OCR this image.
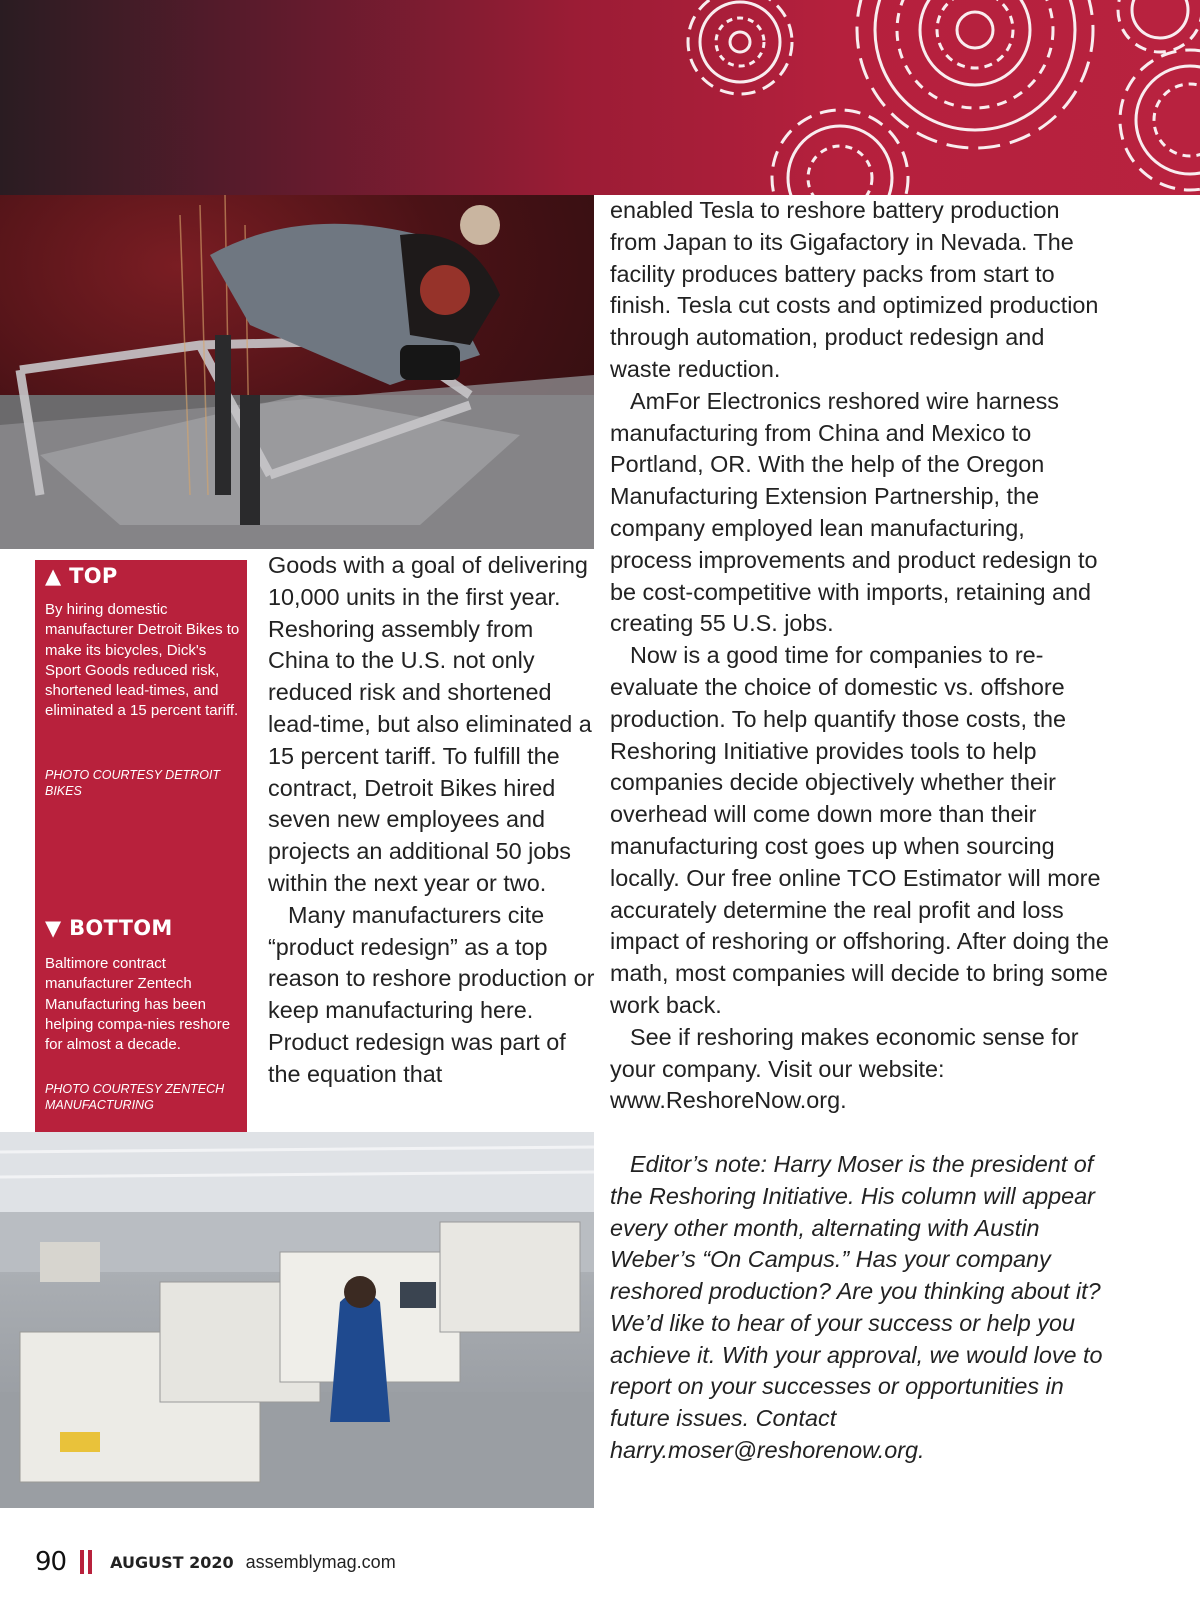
▲ TOP
By hiring domestic manufacturer Detroit Bikes to make its bicycles, Dick's Sport Goods reduced risk, shortened lead-times, and eliminated a 15 percent tariff.
PHOTO COURTESY DETROIT BIKES
▼ BOTTOM
Baltimore contract manufacturer Zentech Manufacturing has been helping compa-nies reshore for almost a decade.
PHOTO COURTESY ZENTECH MANUFACTURING

Goods with a goal of delivering 10,000 units in the first year. Reshoring assembly from China to the U.S. not only reduced risk and shortened lead-time, but also eliminated a 15 percent tariff. To fulfill the contract, Detroit Bikes hired seven new employees and projects an additional 50 jobs within the next year or two.

Many manufacturers cite “product redesign” as a top reason to reshore production or keep manufacturing here. Product redesign was part of the equation that

enabled Tesla to reshore battery production from Japan to its Gigafactory in Nevada. The facility produces battery packs from start to finish. Tesla cut costs and optimized production through automation, product redesign and waste reduction.

AmFor Electronics reshored wire harness manufacturing from China and Mexico to Portland, OR. With the help of the Oregon Manufacturing Extension Partnership, the company employed lean manufacturing, process improvements and product redesign to be cost-competitive with imports, retaining and creating 55 U.S. jobs.

Now is a good time for companies to re-evaluate the choice of domestic vs. offshore production. To help quantify those costs, the Reshoring Initiative provides tools to help companies decide objectively whether their overhead will come down more than their manufacturing cost goes up when sourcing locally. Our free online TCO Estimator will more accurately determine the real profit and loss impact of reshoring or offshoring. After doing the math, most companies will decide to bring some work back.

See if reshoring makes economic sense for your company. Visit our website: www.ReshoreNow.org.

Editor’s note: Harry Moser is the president of the Reshoring Initiative. His column will appear every other month, alternating with Austin Weber’s “On Campus.” Has your company reshored production? Are you thinking about it? We’d like to hear of your success or help you achieve it. With your approval, we would love to report on your successes or opportunities in future issues. Contact harry.moser@reshorenow.org.

90	AUGUST 2020 assemblymag.com
